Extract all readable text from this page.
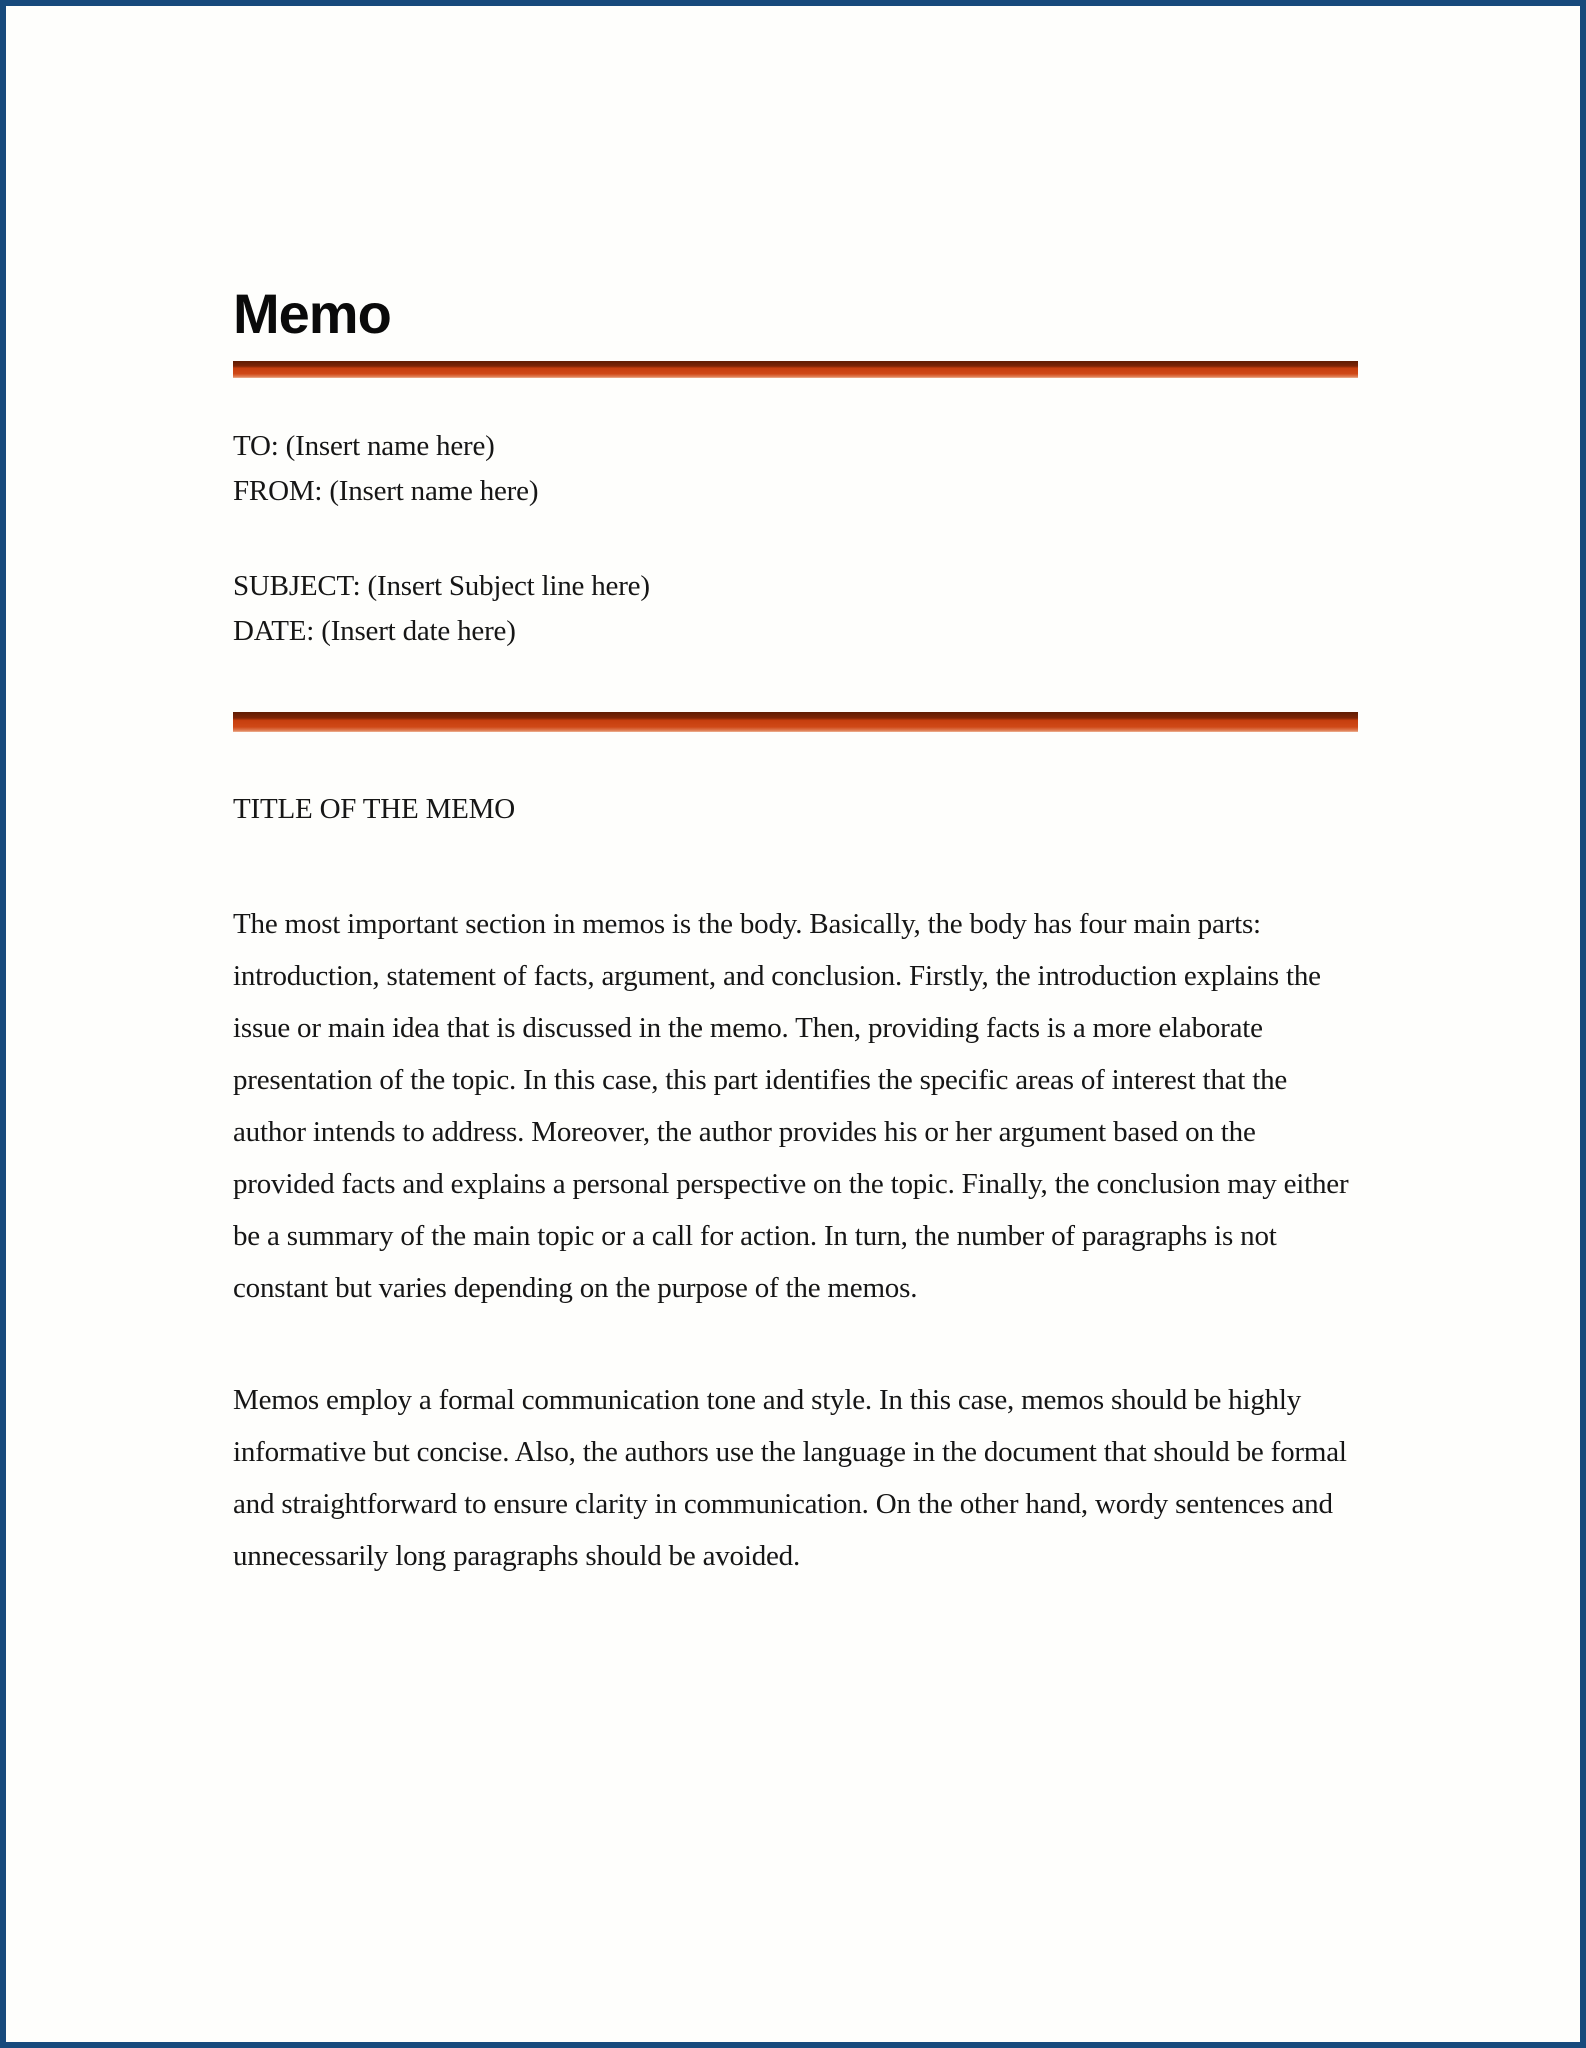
Memo
TO: (Insert name here)
FROM: (Insert name here)
SUBJECT: (Insert Subject line here)
DATE: (Insert date here)
TITLE OF THE MEMO

The most important section in memos is the body. Basically, the body has four main parts: introduction, statement of facts, argument, and conclusion. Firstly, the introduction explains the issue or main idea that is discussed in the memo. Then, providing facts is a more elaborate presentation of the topic. In this case, this part identifies the specific areas of interest that the author intends to address. Moreover, the author provides his or her argument based on the provided facts and explains a personal perspective on the topic. Finally, the conclusion may either be a summary of the main topic or a call for action. In turn, the number of paragraphs is not constant but varies depending on the purpose of the memos.

Memos employ a formal communication tone and style. In this case, memos should be highly informative but concise. Also, the authors use the language in the document that should be formal and straightforward to ensure clarity in communication. On the other hand, wordy sentences and unnecessarily long paragraphs should be avoided.
